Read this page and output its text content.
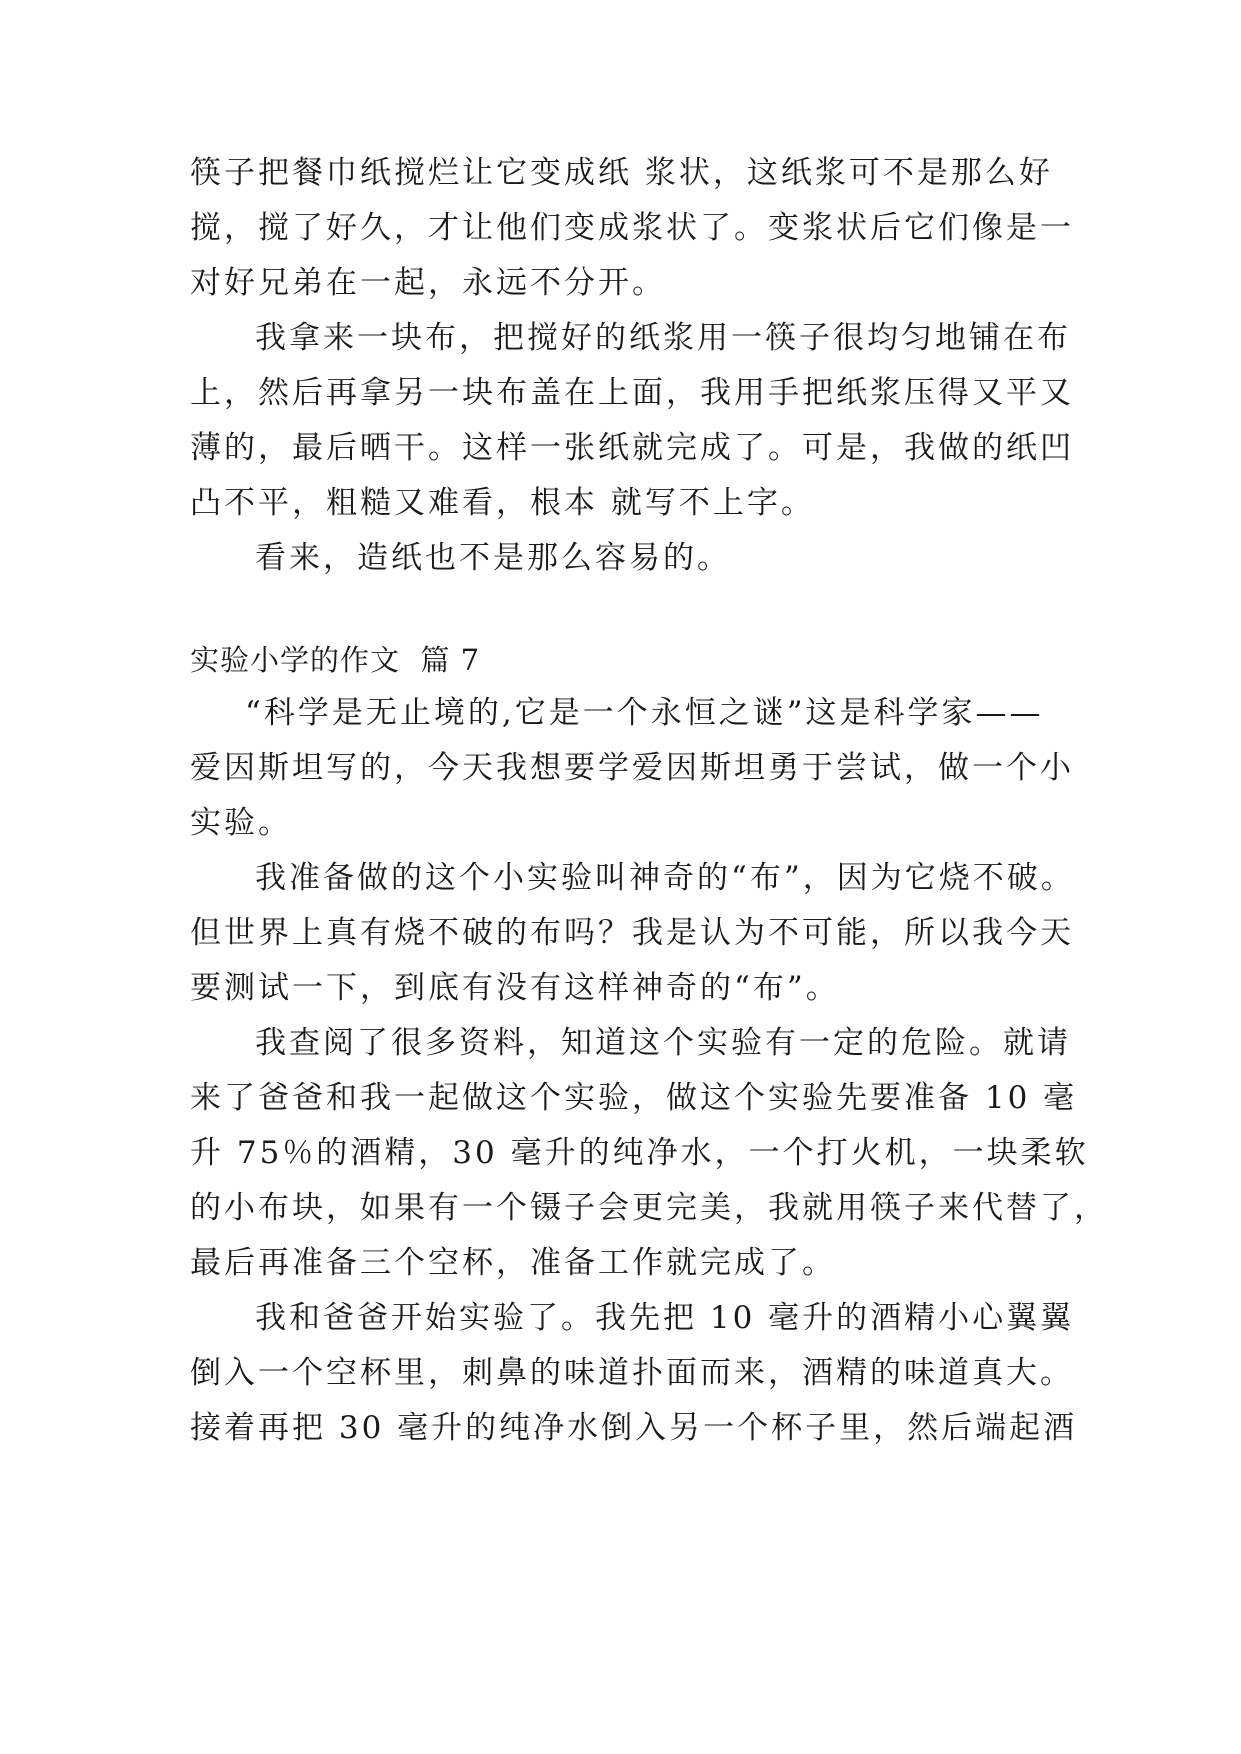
筷子把餐巾纸搅烂让它变成纸 浆状，这纸浆可不是那么好
搅，搅了好久，才让他们变成浆状了。变浆状后它们像是一
对好兄弟在一起，永远不分开。
我拿来一块布，把搅好的纸浆用一筷子很均匀地铺在布
上，然后再拿另一块布盖在上面，我用手把纸浆压得又平又
薄的，最后晒干。这样一张纸就完成了。可是，我做的纸凹
凸不平，粗糙又难看，根本 就写不上字。
看来，造纸也不是那么容易的。
实验小学的作文  篇 7
“科学是无止境的,它是一个永恒之谜”这是科学家——
爱因斯坦写的，今天我想要学爱因斯坦勇于尝试，做一个小
实验。
我准备做的这个小实验叫神奇的“布”，因为它烧不破。
但世界上真有烧不破的布吗？我是认为不可能，所以我今天
要测试一下，到底有没有这样神奇的“布”。
我查阅了很多资料，知道这个实验有一定的危险。就请
来了爸爸和我一起做这个实验，做这个实验先要准备 10 毫
升 75％的酒精，30 毫升的纯净水，一个打火机，一块柔软
的小布块，如果有一个镊子会更完美，我就用筷子来代替了，
最后再准备三个空杯，准备工作就完成了。
我和爸爸开始实验了。我先把 10 毫升的酒精小心翼翼
倒入一个空杯里，刺鼻的味道扑面而来，酒精的味道真大。
接着再把 30 毫升的纯净水倒入另一个杯子里，然后端起酒
